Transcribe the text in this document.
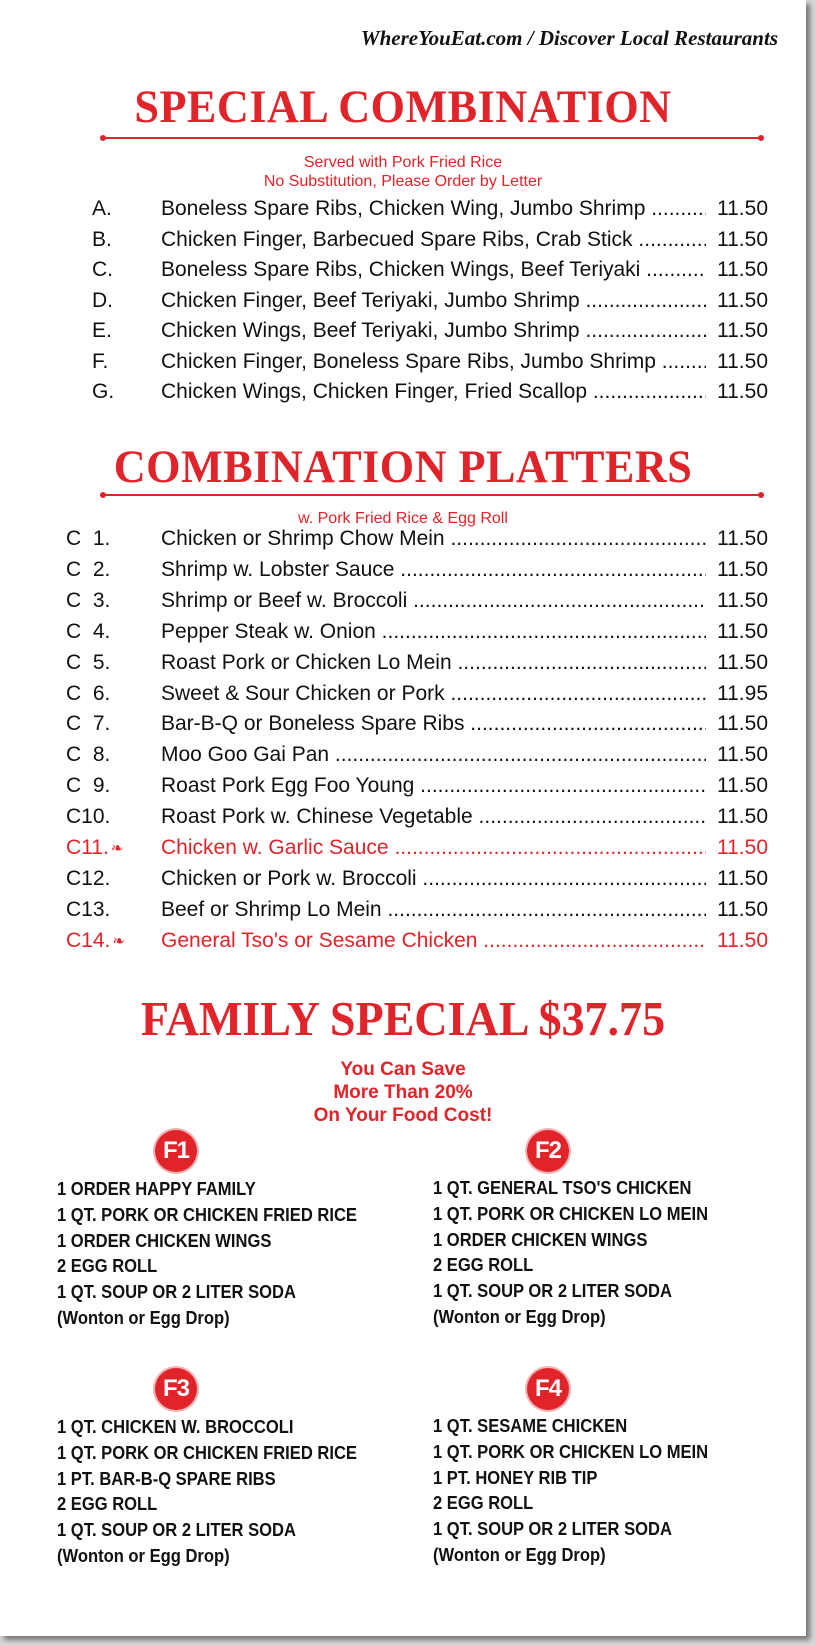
WhereYouEat.com / Discover Local Restaurants
SPECIAL COMBINATION
Served with Pork Fried Rice
No Substitution, Please Order by Letter
A. Boneless Spare Ribs, Chicken Wing, Jumbo Shrimp .....	11.50
B. Chicken Finger, Barbecued Spare Ribs, Crab Stick .....	11.50
C. Boneless Spare Ribs, Chicken Wings, Beef Teriyaki .....	11.50
D. Chicken Finger, Beef Teriyaki, Jumbo Shrimp .....	11.50
E. Chicken Wings, Beef Teriyaki, Jumbo Shrimp .....	11.50
F.	Chicken Finger, Boneless Spare Ribs, Jumbo Shrimp .....	11.50
G. Chicken Wings, Chicken Finger, Fried Scallop .....	11.50
COMBINATION PLATTERS
w. Pork Fried Rice & Egg Roll
C  1. Chicken or Shrimp Chow Mein .....	11.50
C  2. Shrimp w. Lobster Sauce .....	11.50
C  3. Shrimp or Beef w. Broccoli .....	11.50
C  4. Pepper Steak w. Onion .....	11.50
C  5. Roast Pork or Chicken Lo Mein .....	11.50
C  6. Sweet & Sour Chicken or Pork .....	11.95
C  7. Bar-B-Q or Boneless Spare Ribs .....	11.50
C  8. Moo Goo Gai Pan .....	11.50
C  9. Roast Pork Egg Foo Young .....	11.50
C10. Roast Pork w. Chinese Vegetable .....	11.50
C11. ❧ Chicken w. Garlic Sauce .....	11.50
C12. Chicken or Pork w. Broccoli .....	11.50
C13. Beef or Shrimp Lo Mein .....	11.50
C14. ❧ General Tso's or Sesame Chicken .....	11.50
FAMILY SPECIAL $37.75
You Can Save
More Than 20%
On Your Food Cost!
F1	F2
F3	F4
1 ORDER HAPPY FAMILY
1 QT. PORK OR CHICKEN FRIED RICE
1 ORDER CHICKEN WINGS
2 EGG ROLL
1 QT. SOUP OR 2 LITER SODA
(Wonton or Egg Drop)
1 QT. GENERAL TSO'S CHICKEN
1 QT. PORK OR CHICKEN LO MEIN
1 ORDER CHICKEN WINGS
2 EGG ROLL
1 QT. SOUP OR 2 LITER SODA
(Wonton or Egg Drop)
1 QT. CHICKEN W. BROCCOLI
1 QT. PORK OR CHICKEN FRIED RICE
1 PT. BAR-B-Q SPARE RIBS
2 EGG ROLL
1 QT. SOUP OR 2 LITER SODA
(Wonton or Egg Drop)
1 QT. SESAME CHICKEN
1 QT. PORK OR CHICKEN LO MEIN
1 PT. HONEY RIB TIP
2 EGG ROLL
1 QT. SOUP OR 2 LITER SODA
(Wonton or Egg Drop)
